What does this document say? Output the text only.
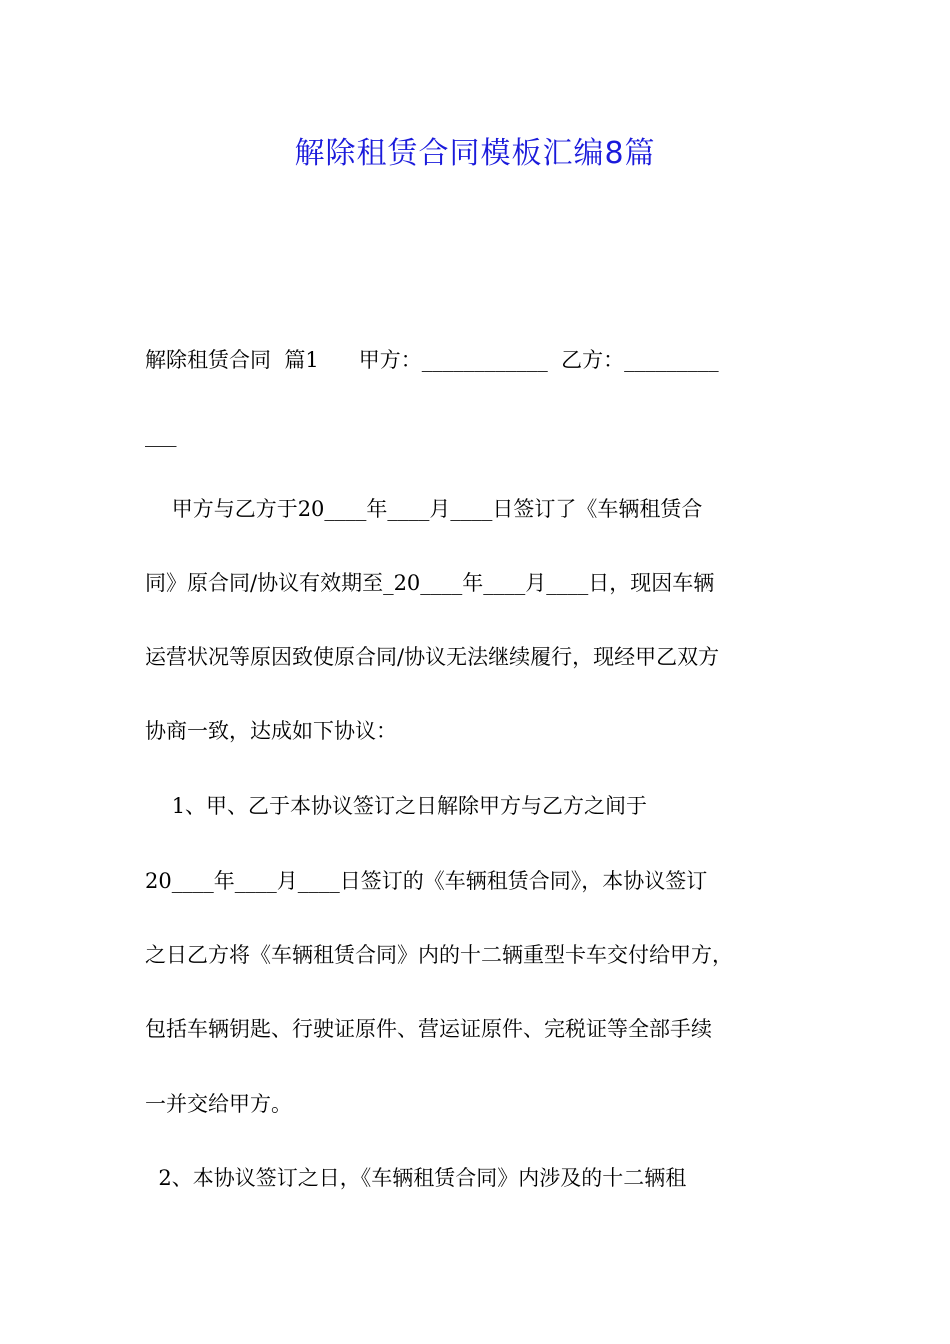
解除租赁合同模板汇编8篇
解除租赁合同  篇1      甲方：____________  乙方：_________
___
甲方与乙方于20____年____月____日签订了《车辆租赁合
同》原合同/协议有效期至_20____年____月____日，现因车辆
运营状况等原因致使原合同/协议无法继续履行，现经甲乙双方
协商一致，达成如下协议：
1、甲、乙于本协议签订之日解除甲方与乙方之间于
20____年____月____日签订的《车辆租赁合同》，本协议签订
之日乙方将《车辆租赁合同》内的十二辆重型卡车交付给甲方，
包括车辆钥匙、行驶证原件、营运证原件、完税证等全部手续
一并交给甲方。
2、本协议签订之日，《车辆租赁合同》内涉及的十二辆租
